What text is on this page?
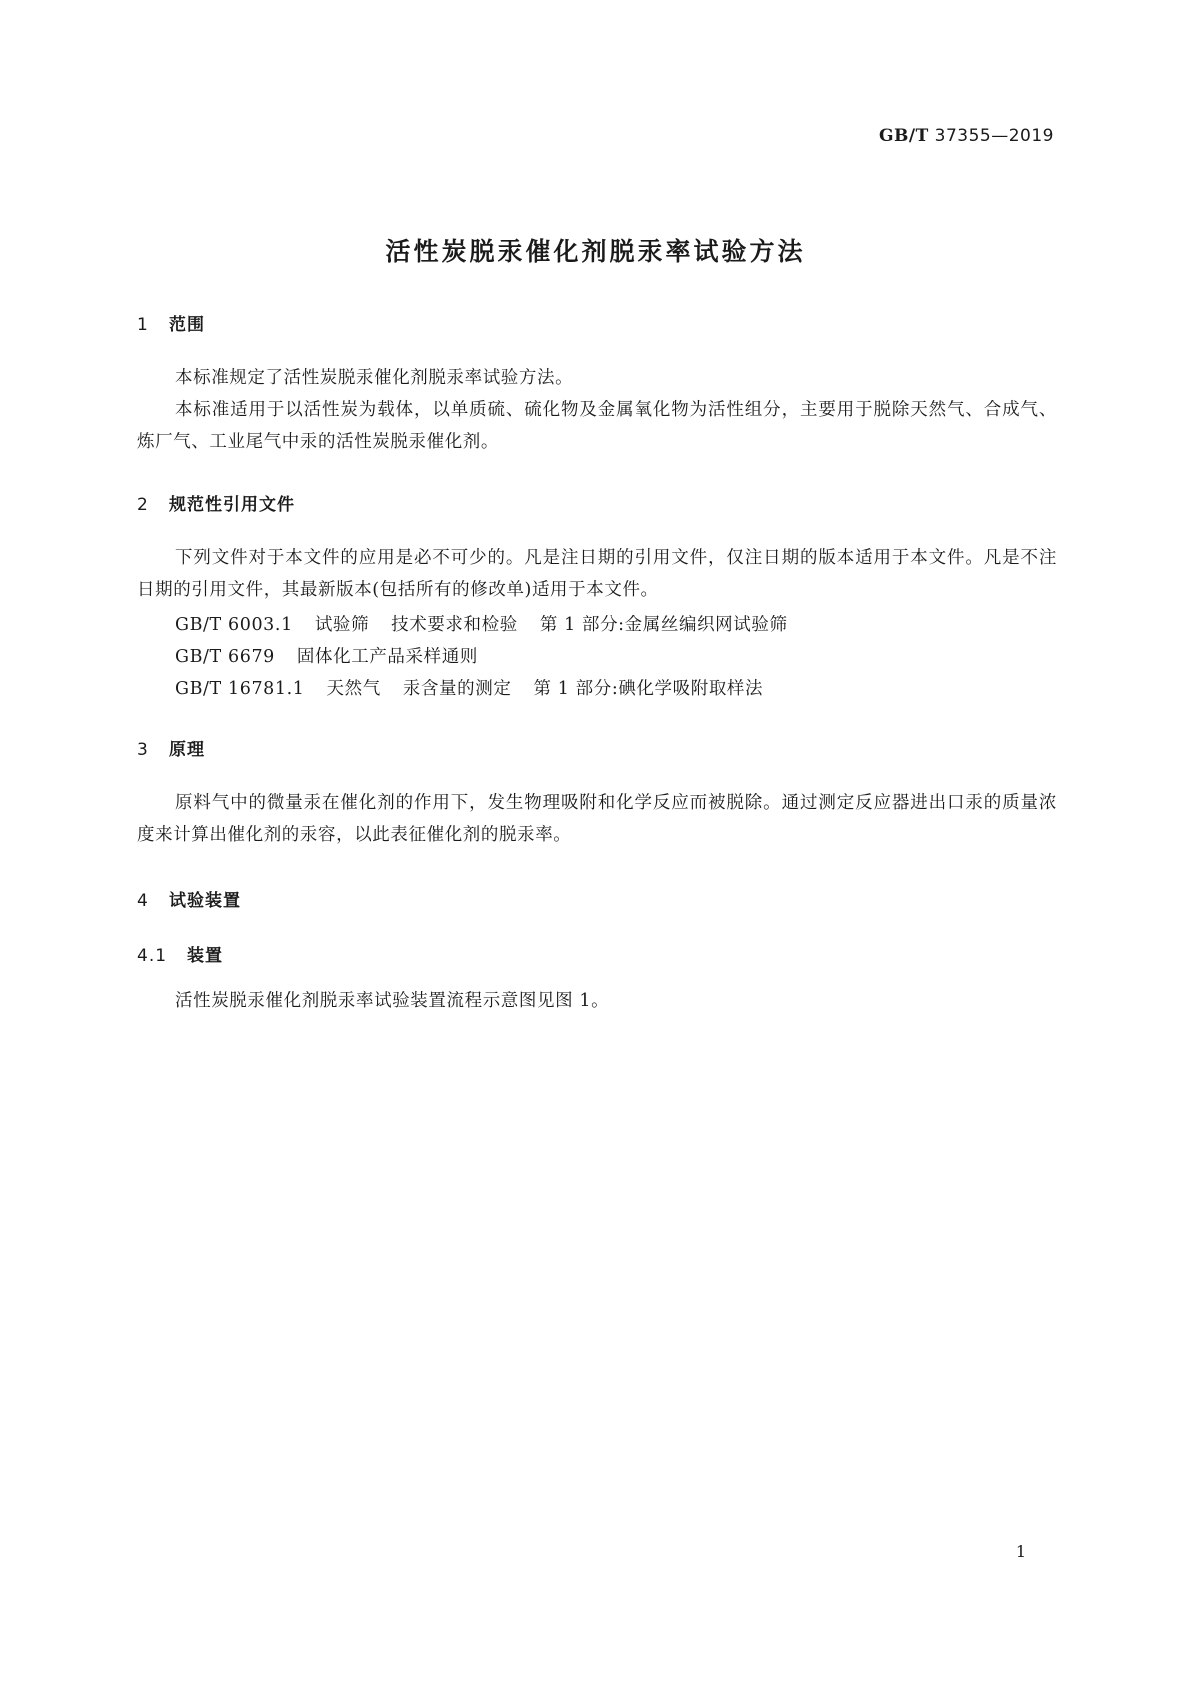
GB/T 37355—2019
活性炭脱汞催化剂脱汞率试验方法
1 范围

本标准规定了活性炭脱汞催化剂脱汞率试验方法。

本标准适用于以活性炭为载体，以单质硫、硫化物及金属氧化物为活性组分，主要用于脱除天然气、合成气、炼厂气、工业尾气中汞的活性炭脱汞催化剂。

2 规范性引用文件

下列文件对于本文件的应用是必不可少的。凡是注日期的引用文件，仅注日期的版本适用于本文件。凡是不注日期的引用文件，其最新版本(包括所有的修改单)适用于本文件。

GB/T 6003.1 试验筛 技术要求和检验 第 1 部分:金属丝编织网试验筛
GB/T 6679 固体化工产品采样通则
GB/T 16781.1 天然气 汞含量的测定 第 1 部分:碘化学吸附取样法
3 原理

原料气中的微量汞在催化剂的作用下，发生物理吸附和化学反应而被脱除。通过测定反应器进出口汞的质量浓度来计算出催化剂的汞容，以此表征催化剂的脱汞率。

4 试验装置
4.1 装置

活性炭脱汞催化剂脱汞率试验装置流程示意图见图 1。

1
